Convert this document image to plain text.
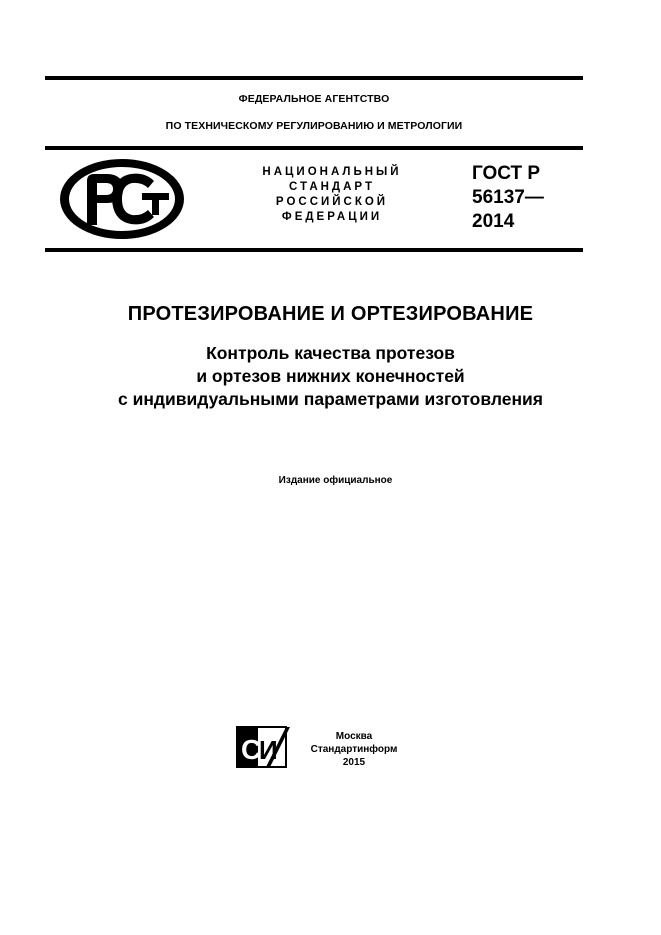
ФЕДЕРАЛЬНОЕ АГЕНТСТВО
ПО ТЕХНИЧЕСКОМУ РЕГУЛИРОВАНИЮ И МЕТРОЛОГИИ
НАЦИОНАЛЬНЫЙ
СТАНДАРТ
РОССИЙСКОЙ
ФЕДЕРАЦИИ
ГОСТ Р
56137—
2014
ПРОТЕЗИРОВАНИЕ И ОРТЕЗИРОВАНИЕ
Контроль качества протезов
и ортезов нижних конечностей
с индивидуальными параметрами изготовления
Издание официальное
С
И	Москва
Стандартинформ
2015
